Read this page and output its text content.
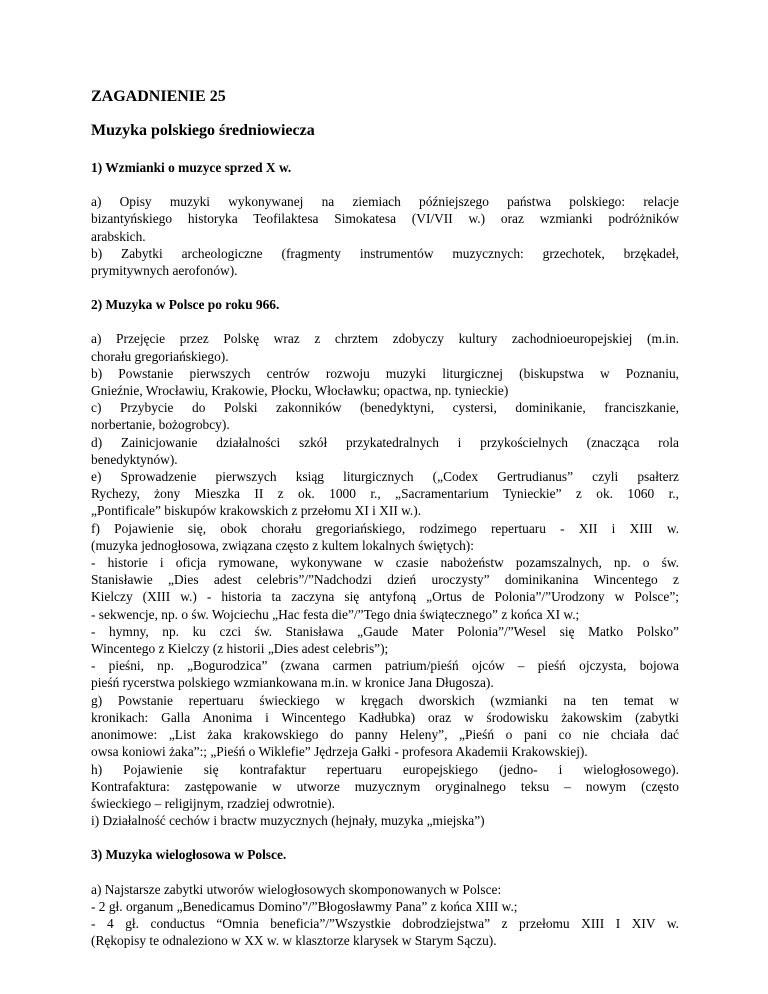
ZAGADNIENIE 25
Muzyka polskiego średniowiecza
1) Wzmianki o muzyce sprzed X w.
a) Opisy muzyki wykonywanej na ziemiach późniejszego państwa polskiego: relacje
bizantyńskiego historyka Teofilaktesa Simokatesa (VI/VII w.) oraz wzmianki podróżników
arabskich.
b) Zabytki archeologiczne (fragmenty instrumentów muzycznych: grzechotek, brzękadeł,
prymitywnych aerofonów).
2) Muzyka w Polsce po roku 966.
a) Przejęcie przez Polskę wraz z chrztem zdobyczy kultury zachodnioeuropejskiej (m.in.
chorału gregoriańskiego).
b) Powstanie pierwszych centrów rozwoju muzyki liturgicznej (biskupstwa w Poznaniu,
Gnieźnie, Wrocławiu, Krakowie, Płocku, Włocławku; opactwa, np. tynieckie)
c) Przybycie do Polski zakonników (benedyktyni, cystersi, dominikanie, franciszkanie,
norbertanie, bożogrobcy).
d) Zainicjowanie działalności szkół przykatedralnych i przykościelnych (znacząca rola
benedyktynów).
e) Sprowadzenie pierwszych ksiąg liturgicznych („Codex Gertrudianus” czyli psałterz
Rychezy, żony Mieszka II z ok. 1000 r., „Sacramentarium Tynieckie” z ok. 1060 r.,
„Pontificale” biskupów krakowskich z przełomu XI i XII w.).
f) Pojawienie się, obok chorału gregoriańskiego, rodzimego repertuaru - XII i XIII w.
(muzyka jednogłosowa, związana często z kultem lokalnych świętych):
- historie i oficja rymowane, wykonywane w czasie nabożeństw pozamszalnych, np. o św.
Stanisławie „Dies adest celebris”/”Nadchodzi dzień uroczysty” dominikanina Wincentego z
Kielczy (XIII w.) - historia ta zaczyna się antyfoną „Ortus de Polonia”/”Urodzony w Polsce”;
- sekwencje, np. o św. Wojciechu „Hac festa die”/”Tego dnia świątecznego” z końca XI w.;
- hymny, np. ku czci św. Stanisława „Gaude Mater Polonia”/”Wesel się Matko Polsko”
Wincentego z Kielczy (z historii „Dies adest celebris”);
- pieśni, np. „Bogurodzica” (zwana carmen patrium/pieśń ojców – pieśń ojczysta, bojowa
pieśń rycerstwa polskiego wzmiankowana m.in. w kronice Jana Długosza).
g) Powstanie repertuaru świeckiego w kręgach dworskich (wzmianki na ten temat w
kronikach: Galla Anonima i Wincentego Kadłubka) oraz w środowisku żakowskim (zabytki
anonimowe: „List żaka krakowskiego do panny Heleny”, „Pieśń o pani co nie chciała dać
owsa koniowi żaka”:; „Pieśń o Wiklefie” Jędrzeja Gałki - profesora Akademii Krakowskiej).
h) Pojawienie się kontrafaktur repertuaru europejskiego (jedno- i wielogłosowego).
Kontrafaktura: zastępowanie w utworze muzycznym oryginalnego teksu – nowym (często
świeckiego – religijnym, rzadziej odwrotnie).
i) Działalność cechów i bractw muzycznych (hejnały, muzyka „miejska”)
3) Muzyka wielogłosowa w Polsce.
a) Najstarsze zabytki utworów wielogłosowych skomponowanych w Polsce:
- 2 gł. organum „Benedicamus Domino”/”Błogosławmy Pana” z końca XIII w.;
- 4 gł. conductus “Omnia beneficia”/”Wszystkie dobrodziejstwa” z przełomu XIII I XIV w.
(Rękopisy te odnaleziono w XX w. w klasztorze klarysek w Starym Sączu).
